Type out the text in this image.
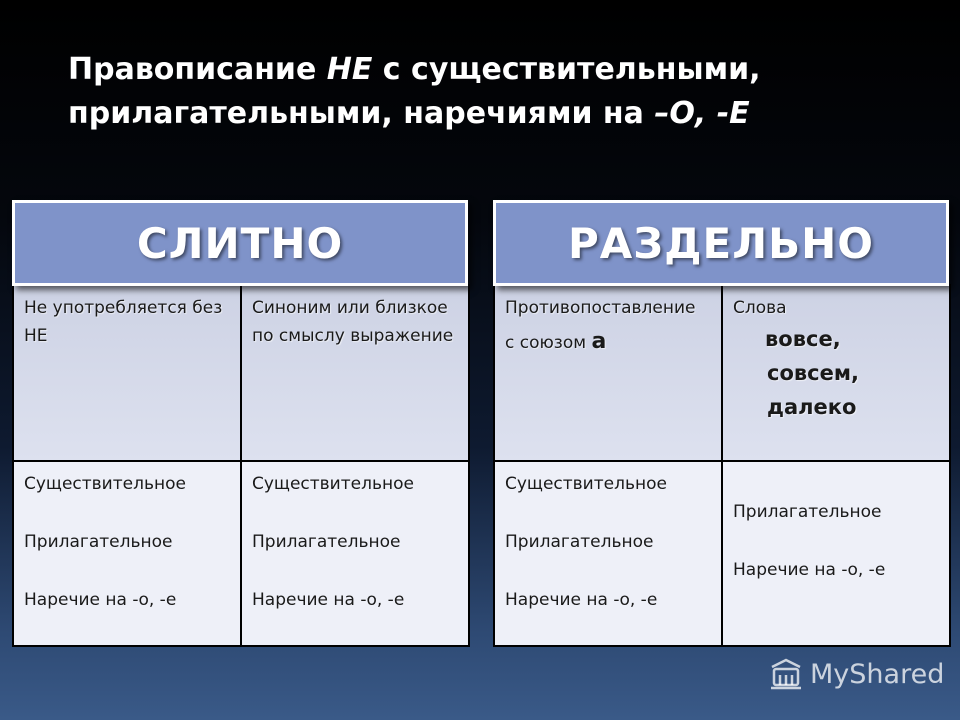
Правописание НЕ с существительными,
прилагательными, наречиями на –О, -Е
Не употребляется без НЕ
Синоним или близкое по смыслу выражение
Существительное
Прилагательное
Наречие на -о, -е
Существительное
Прилагательное
Наречие на -о, -е
СЛИТНО
Противопоставление
с союзом а
Слова
вовсе,
совсем,
далеко
Существительное
Прилагательное
Наречие на -о, -е
Прилагательное
Наречие на -о, -е
РАЗДЕЛЬНО
MyShared
